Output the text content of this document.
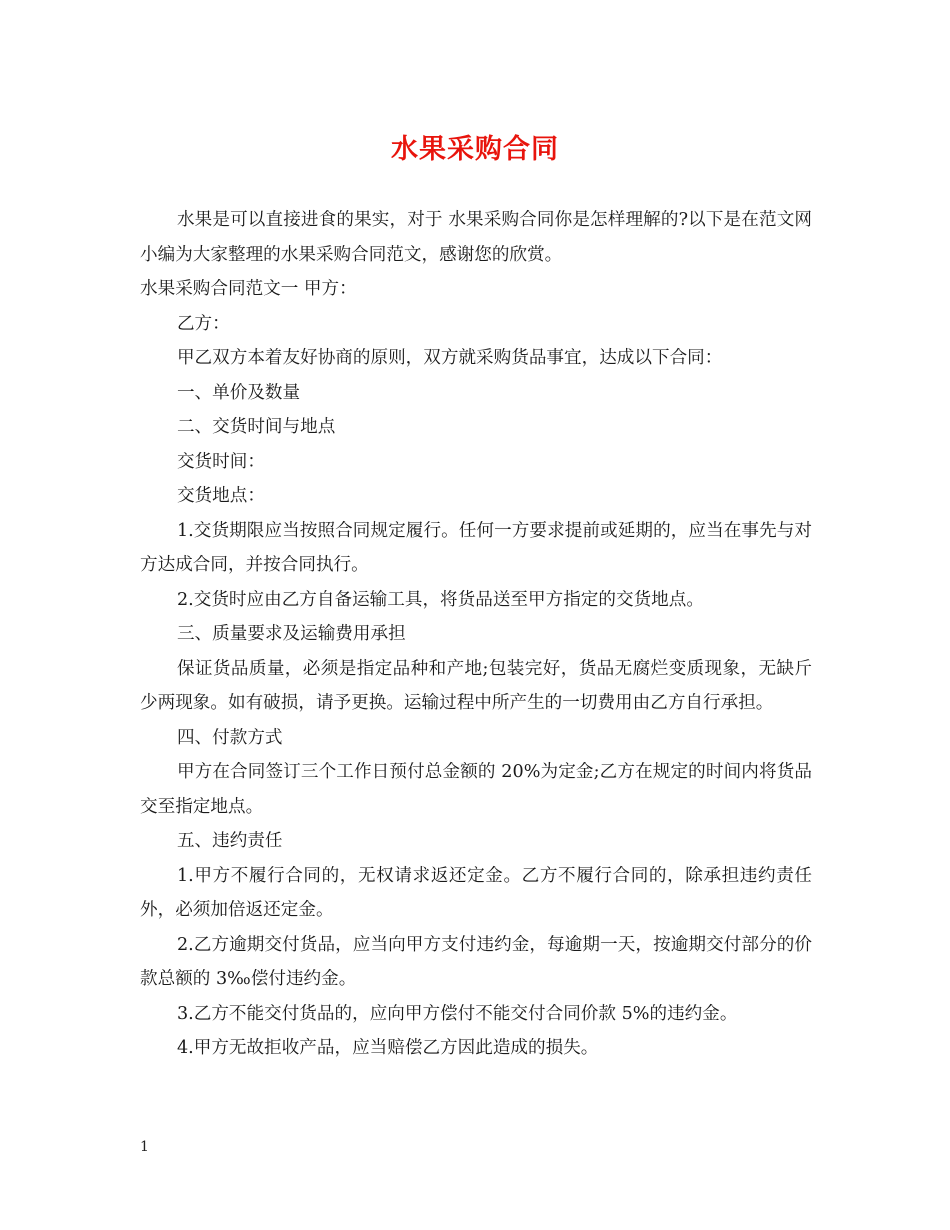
水果采购合同

水果是可以直接进食的果实，对于 水果采购合同你是怎样理解的?以下是在范文网小编为大家整理的水果采购合同范文，感谢您的欣赏。

水果采购合同范文一 甲方：

乙方：

甲乙双方本着友好协商的原则，双方就采购货品事宜，达成以下合同：

一、单价及数量

二、交货时间与地点

交货时间：

交货地点：

1.交货期限应当按照合同规定履行。任何一方要求提前或延期的，应当在事先与对方达成合同，并按合同执行。

2.交货时应由乙方自备运输工具，将货品送至甲方指定的交货地点。

三、质量要求及运输费用承担

保证货品质量，必须是指定品种和产地;包装完好，货品无腐烂变质现象，无缺斤少两现象。如有破损，请予更换。运输过程中所产生的一切费用由乙方自行承担。

四、付款方式

甲方在合同签订三个工作日预付总金额的 20%为定金;乙方在规定的时间内将货品交至指定地点。

五、违约责任

1.甲方不履行合同的，无权请求返还定金。乙方不履行合同的，除承担违约责任外，必须加倍返还定金。

2.乙方逾期交付货品，应当向甲方支付违约金，每逾期一天，按逾期交付部分的价款总额的 3‰偿付违约金。

3.乙方不能交付货品的，应向甲方偿付不能交付合同价款 5%的违约金。

4.甲方无故拒收产品，应当赔偿乙方因此造成的损失。

1
